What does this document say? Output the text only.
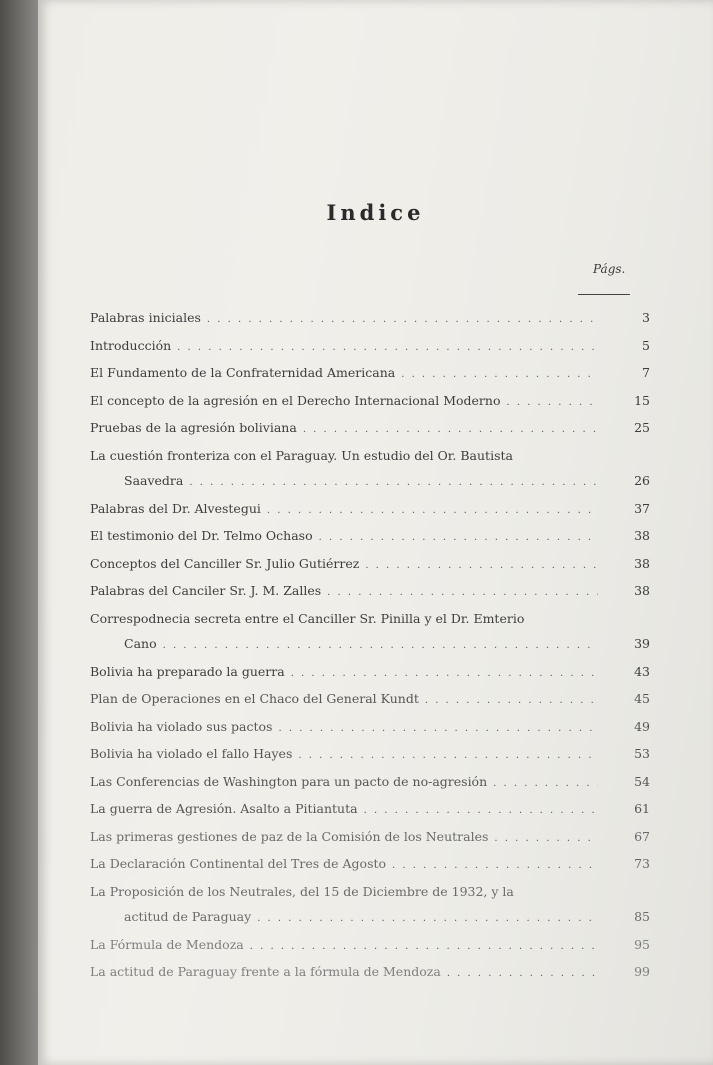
Indice
Págs.
Palabras iniciales . . .	3
Introducción . . .	5
El Fundamento de la Confraternidad Americana . . .	7
El concepto de la agresión en el Derecho Internacional Moderno . . .	15
Pruebas de la agresión boliviana . . .	25
La cuestión fronteriza con el Paraguay. Un estudio del Or. Bautista
Saavedra . . .	26
Palabras del Dr. Alvestegui . . .	37
El testimonio del Dr. Telmo Ochaso . . .	38
Conceptos del Canciller Sr. Julio Gutiérrez . . .	38
Palabras del Canciler Sr. J. M. Zalles . . .	38
Correspodnecia secreta entre el Canciller Sr. Pinilla y el Dr. Emterio
Cano . . .	39
Bolivia ha preparado la guerra . . .	43
Plan de Operaciones en el Chaco del General Kundt . . .	45
Bolivia ha violado sus pactos . . .	49
Bolivia ha violado el fallo Hayes . . .	53
Las Conferencias de Washington para un pacto de no-agresión . . .	54
La guerra de Agresión. Asalto a Pitiantuta . . .	61
Las primeras gestiones de paz de la Comisión de los Neutrales . . .	67
La Declaración Continental del Tres de Agosto . . .	73
La Proposición de los Neutrales, del 15 de Diciembre de 1932, y la
actitud de Paraguay . . .	85
La Fórmula de Mendoza . . .	95
La actitud de Paraguay frente a la fórmula de Mendoza . . .	99
